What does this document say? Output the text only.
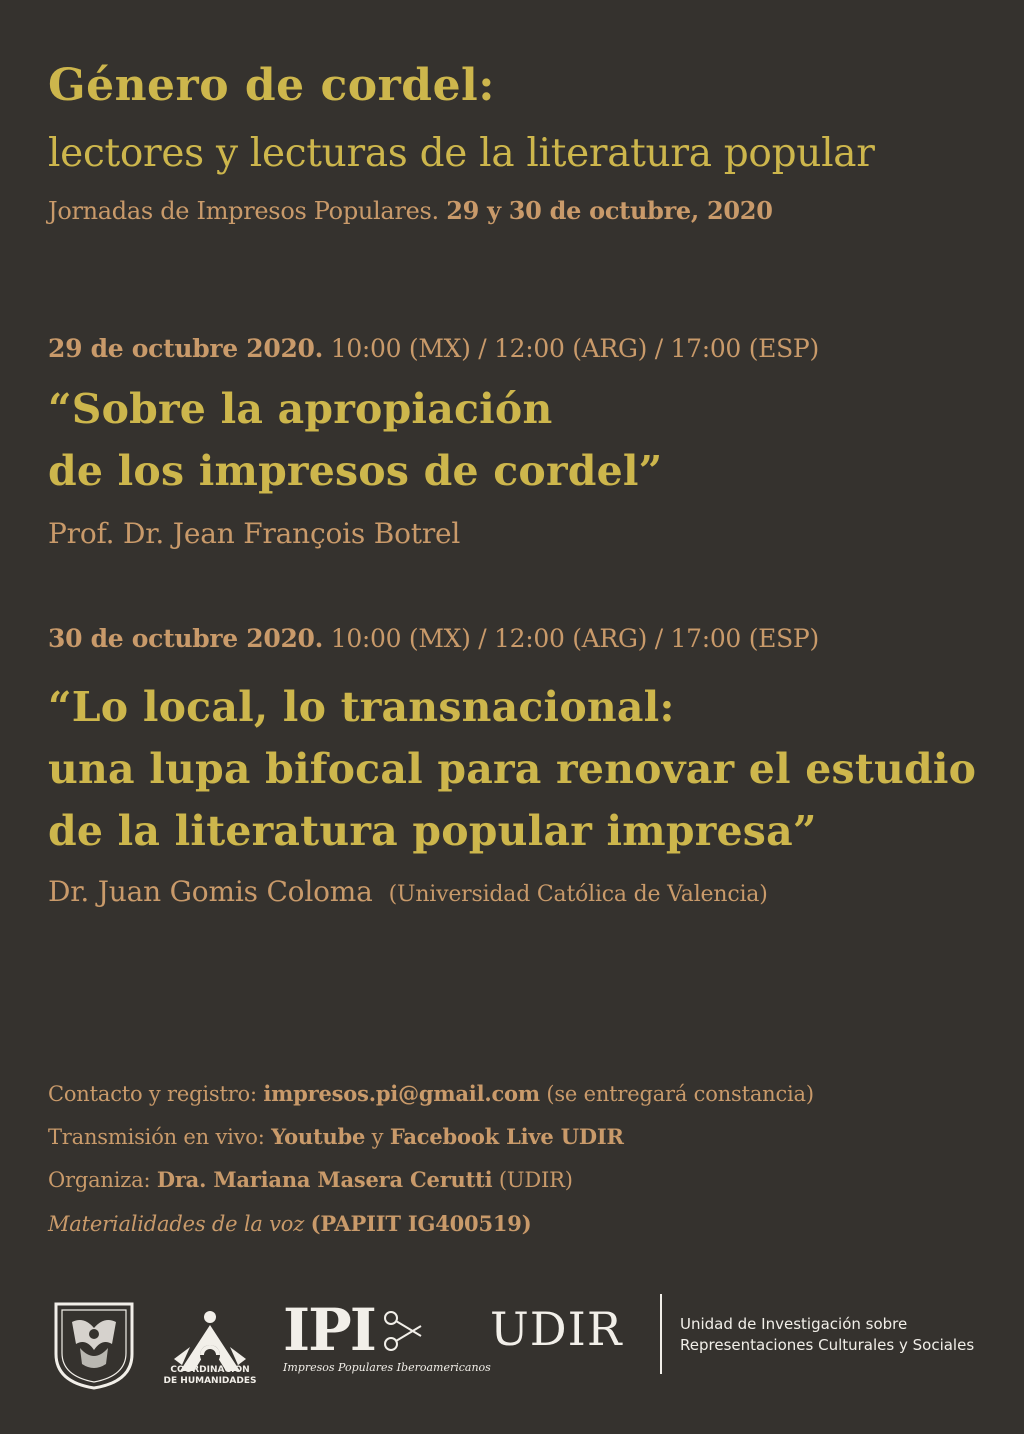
Género de cordel:
lectores y lecturas de la literatura popular
Jornadas de Impresos Populares. 29 y 30 de octubre, 2020
29 de octubre 2020. 10:00 (MX) / 12:00 (ARG) / 17:00 (ESP)
“Sobre la apropiación
de los impresos de cordel”
Prof. Dr. Jean François Botrel
30 de octubre 2020. 10:00 (MX) / 12:00 (ARG) / 17:00 (ESP)
“Lo local, lo transnacional:
una lupa bifocal para renovar el estudio
de la literatura popular impresa”
Dr. Juan Gomis Coloma (Universidad Católica de Valencia)
Contacto y registro: impresos.pi@gmail.com (se entregará constancia)
Transmisión en vivo: Youtube y Facebook Live UDIR
Organiza: Dra. Mariana Masera Cerutti (UDIR)
Materialidades de la voz (PAPIIT IG400519)
COORDINACIÓN
DE HUMANIDADES
IPI
Impresos Populares Iberoamericanos
UDIR	Unidad de Investigación sobre
Representaciones Culturales y Sociales
